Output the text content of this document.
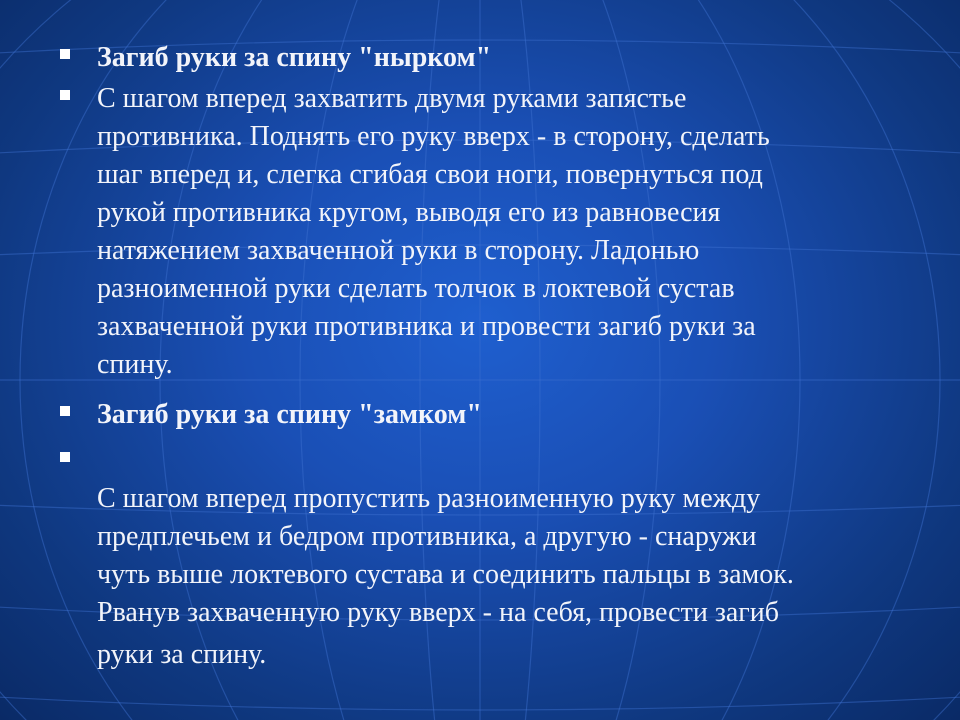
Загиб руки за спину "нырком"
С шагом вперед захватить двумя руками запястье
противника. Поднять его руку вверх - в сторону, сделать
шаг вперед и, слегка сгибая свои ноги, повернуться под
рукой противника кругом, выводя его из равновесия
натяжением захваченной руки в сторону. Ладонью
разноименной руки сделать толчок в локтевой сустав
захваченной руки противника и провести загиб руки за
спину.
Загиб руки за спину "замком"

С шагом вперед пропустить разноименную руку между
предплечьем и бедром противника, а другую - снаружи
чуть выше локтевого сустава и соединить пальцы в замок.
Рванув захваченную руку вверх - на себя, провести загиб

руки за спину.
